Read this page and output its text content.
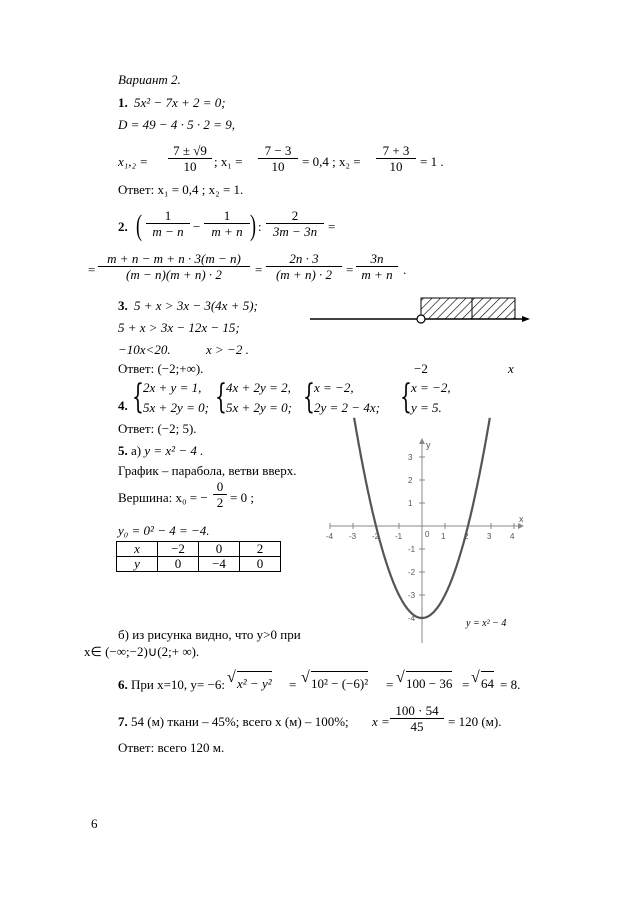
Вариант 2.
1. 5x² − 7x + 2 = 0;
D = 49 − 4 · 5 · 2 = 9,
x₁,₂ =
7 ± √9
10	; x₁ =
7 − 3
10	= 0,4 ; x₂ =
7 + 3
10	= 1 .
Ответ: x₁ = 0,4 ; x₂ = 1.
2. (	1
m − n −
1
m + n ) :
2
3m − 3n =
=
m + n − m + n · 3(m − n)
(m − n)(m + n) · 2	=
2n · 3
(m + n) · 2	=
3n
m + n .
3. 5 + x > 3x − 3(4x + 5);
5 + x > 3x − 12x − 15;
−10x<20.	x > −2 .
Ответ: (−2;+∞).	−2	x
4. { 2x + y = 1,
5x + 2y = 0; { 4x + 2y = 2,
5x + 2y = 0; { x = −2,
2y = 2 − 4x; { x = −2,
y = 5.
Ответ: (−2; 5).
5. а) y = x² − 4 .
График – парабола, ветви вверх.
Вершина: x₀ = −
0
2 = 0 ;
y₀ = 0² − 4 = −4.
x	−2	0	2
y	0	−4	0
б) из рисунка видно, что y>0 при
x∈ (−∞;−2)∪(2;+ ∞).
y
x
0
-4 -3 -2 -1	1 2 3 4
3
2
1
-1
-2
-3
-4	y = x² − 4
6. При x=10, y= −6: √ x² − y² = √ 10² − (−6)² = √ 100 − 36 = √ 64 = 8.
7. 54 (м) ткани – 45%; всего x (м) – 100%; x =
100 · 54
45	= 120 (м).
Ответ: всего 120 м.
6
